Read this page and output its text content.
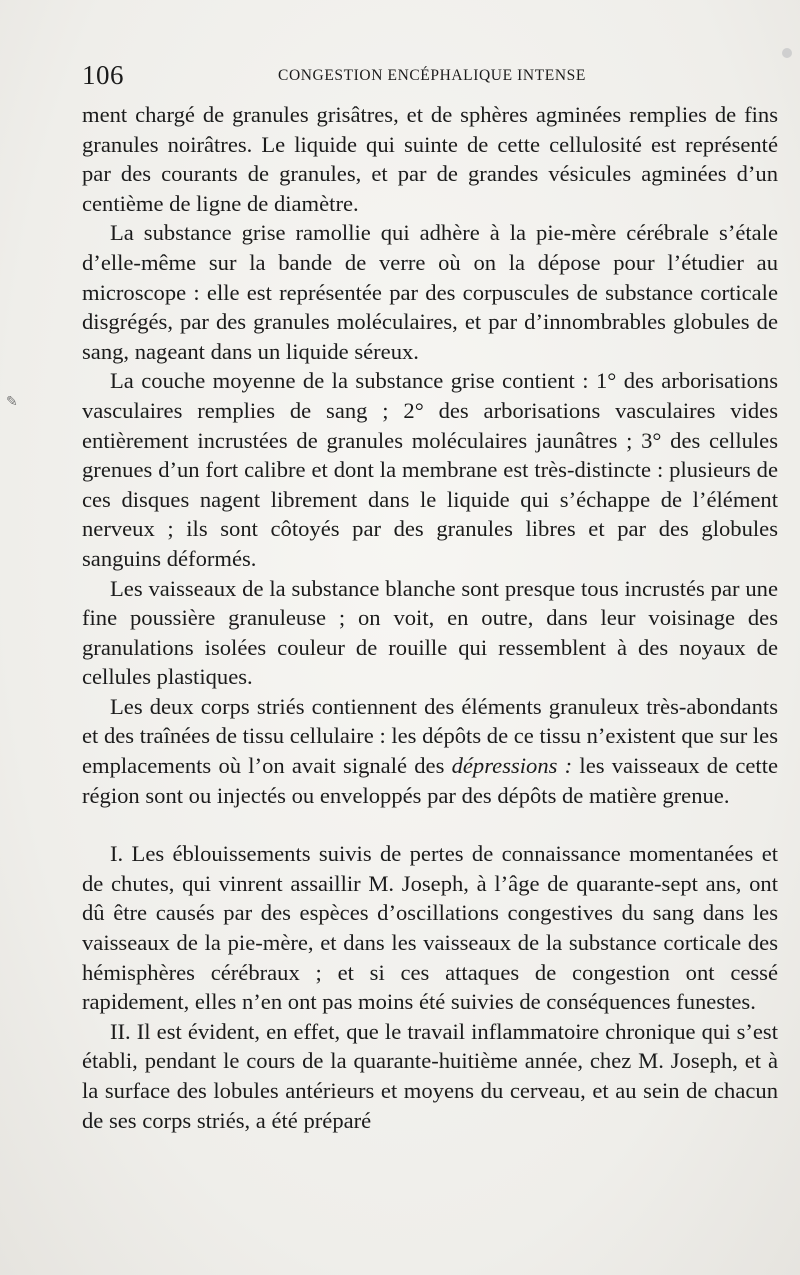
✎
106	CONGESTION ENCÉPHALIQUE INTENSE

ment chargé de granules grisâtres, et de sphères agminées remplies de fins granules noirâtres. Le liquide qui suinte de cette cellulosité est représenté par des courants de granules, et par de grandes vésicules agminées d’un centième de ligne de diamètre.

La substance grise ramollie qui adhère à la pie-mère cérébrale s’étale d’elle-même sur la bande de verre où on la dépose pour l’étudier au microscope : elle est représentée par des corpuscules de substance corticale disgrégés, par des granules moléculaires, et par d’innombrables globules de sang, nageant dans un liquide séreux.

La couche moyenne de la substance grise contient : 1° des arborisations vasculaires remplies de sang ; 2° des arborisations vasculaires vides entièrement incrustées de granules moléculaires jaunâtres ; 3° des cellules grenues d’un fort calibre et dont la membrane est très-distincte : plusieurs de ces disques nagent librement dans le liquide qui s’échappe de l’élément nerveux ; ils sont côtoyés par des granules libres et par des globules sanguins déformés.

Les vaisseaux de la substance blanche sont presque tous incrustés par une fine poussière granuleuse ; on voit, en outre, dans leur voisinage des granulations isolées couleur de rouille qui ressemblent à des noyaux de cellules plastiques.

Les deux corps striés contiennent des éléments granuleux très-abondants et des traînées de tissu cellulaire : les dépôts de ce tissu n’existent que sur les emplacements où l’on avait signalé des dépressions : les vaisseaux de cette région sont ou injectés ou enveloppés par des dépôts de matière grenue.

I. Les éblouissements suivis de pertes de connaissance momentanées et de chutes, qui vinrent assaillir M. Joseph, à l’âge de quarante-sept ans, ont dû être causés par des espèces d’oscillations congestives du sang dans les vaisseaux de la pie-mère, et dans les vaisseaux de la substance corticale des hémisphères cérébraux ; et si ces attaques de congestion ont cessé rapidement, elles n’en ont pas moins été suivies de conséquences funestes.

II. Il est évident, en effet, que le travail inflammatoire chronique qui s’est établi, pendant le cours de la quarante-huitième année, chez M. Joseph, et à la surface des lobules antérieurs et moyens du cerveau, et au sein de chacun de ses corps striés, a été préparé
